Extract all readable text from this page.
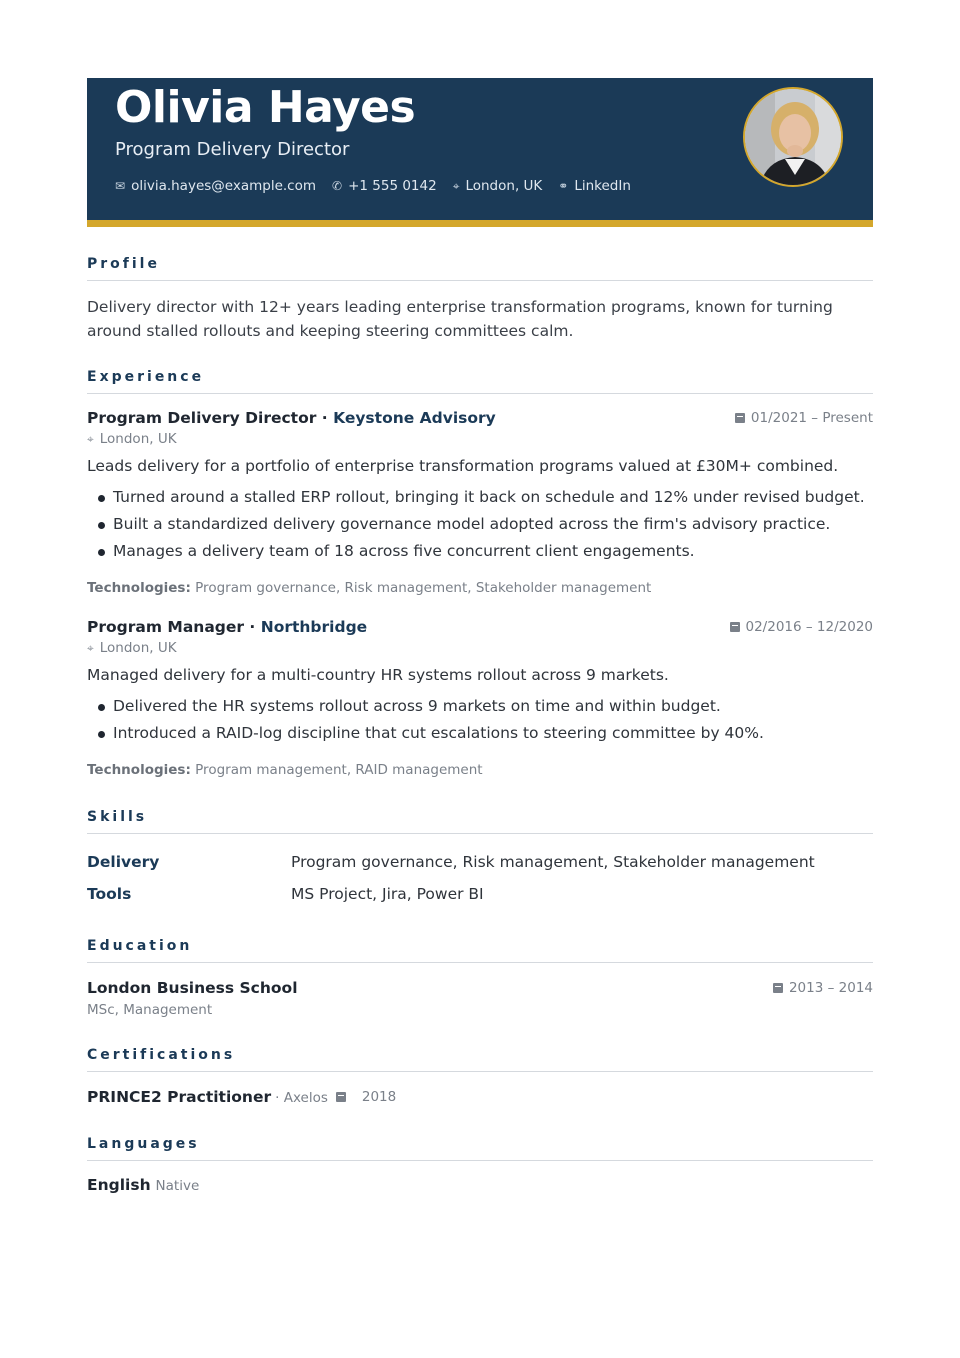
Olivia Hayes
Program Delivery Director
✉ olivia.hayes@example.com ✆ +1 555 0142 ⌖ London, UK ⚭ LinkedIn
Profile
Delivery director with 12+ years leading enterprise transformation programs, known for turning around stalled rollouts and keeping steering committees calm.
Experience
Program Delivery Director · Keystone Advisory	01/2021 – Present
⌖ London, UK
Leads delivery for a portfolio of enterprise transformation programs valued at £30M+ combined.
Turned around a stalled ERP rollout, bringing it back on schedule and 12% under revised budget.
Built a standardized delivery governance model adopted across the firm's advisory practice.
Manages a delivery team of 18 across five concurrent client engagements.
Technologies: Program governance, Risk management, Stakeholder management
Program Manager · Northbridge	02/2016 – 12/2020
⌖ London, UK
Managed delivery for a multi-country HR systems rollout across 9 markets.
Delivered the HR systems rollout across 9 markets on time and within budget.
Introduced a RAID-log discipline that cut escalations to steering committee by 40%.
Technologies: Program management, RAID management
Skills
Delivery	Program governance, Risk management, Stakeholder management
Tools	MS Project, Jira, Power BI
Education
London Business School	2013 – 2014
MSc, Management
Certifications
PRINCE2 Practitioner · Axelos	2018
Languages
English Native
